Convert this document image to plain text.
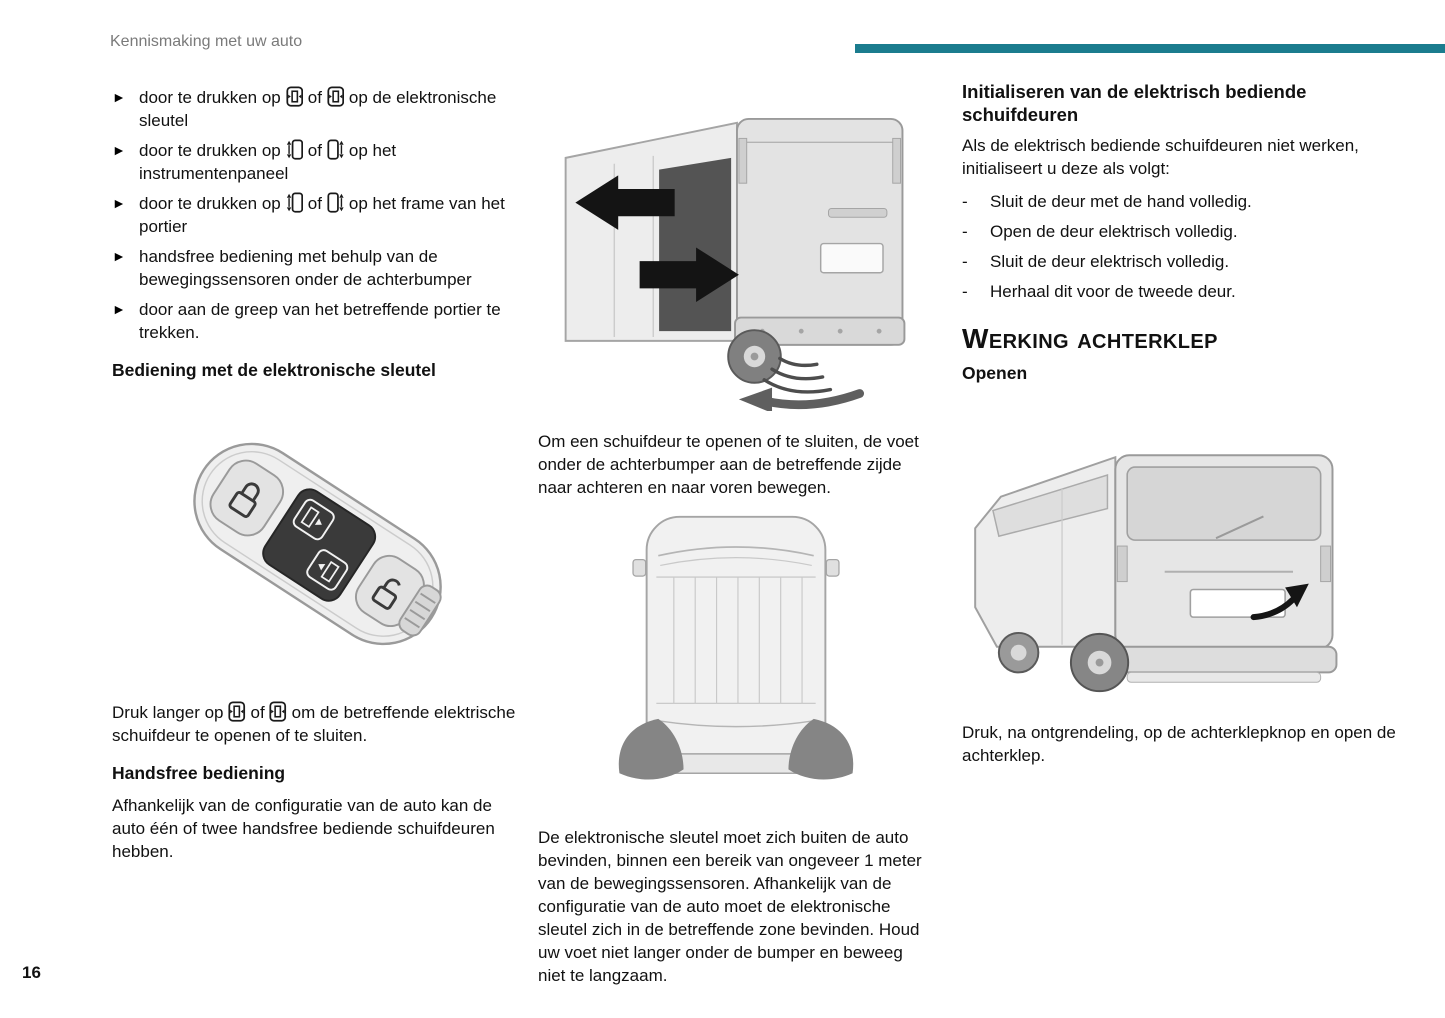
Kennismaking met uw auto
► door te drukken op of op de elektronische sleutel
► door te drukken op of op het instrumentenpaneel
► door te drukken op of op het frame van het portier
► handsfree bediening met behulp van de bewegingssensoren onder de achterbumper
► door aan de greep van het betreffende portier te trekken.
Bediening met de elektronische sleutel

Druk langer op of om de betreffende elektrische schuifdeur te openen of te sluiten.

Handsfree bediening

Afhankelijk van de configuratie van de auto kan de auto één of twee handsfree bediende schuifdeuren hebben.

Om een schuifdeur te openen of te sluiten, de voet onder de achterbumper aan de betreffende zijde naar achteren en naar voren bewegen.

De elektronische sleutel moet zich buiten de auto bevinden, binnen een bereik van ongeveer 1 meter van de bewegingssensoren. Afhankelijk van de configuratie van de auto moet de elektronische sleutel zich in de betreffende zone bevinden. Houd uw voet niet langer onder de bumper en beweeg niet te langzaam.

Initialiseren van de elektrisch bediende schuifdeuren

Als de elektrisch bediende schuifdeuren niet werken, initialiseert u deze als volgt:

-	Sluit de deur met de hand volledig.
-	Open de deur elektrisch volledig.
-	Sluit de deur elektrisch volledig.
-	Herhaal dit voor de tweede deur.
Werking achterklep
Openen

Druk, na ontgrendeling, op de achterklepknop en open de achterklep.

16
